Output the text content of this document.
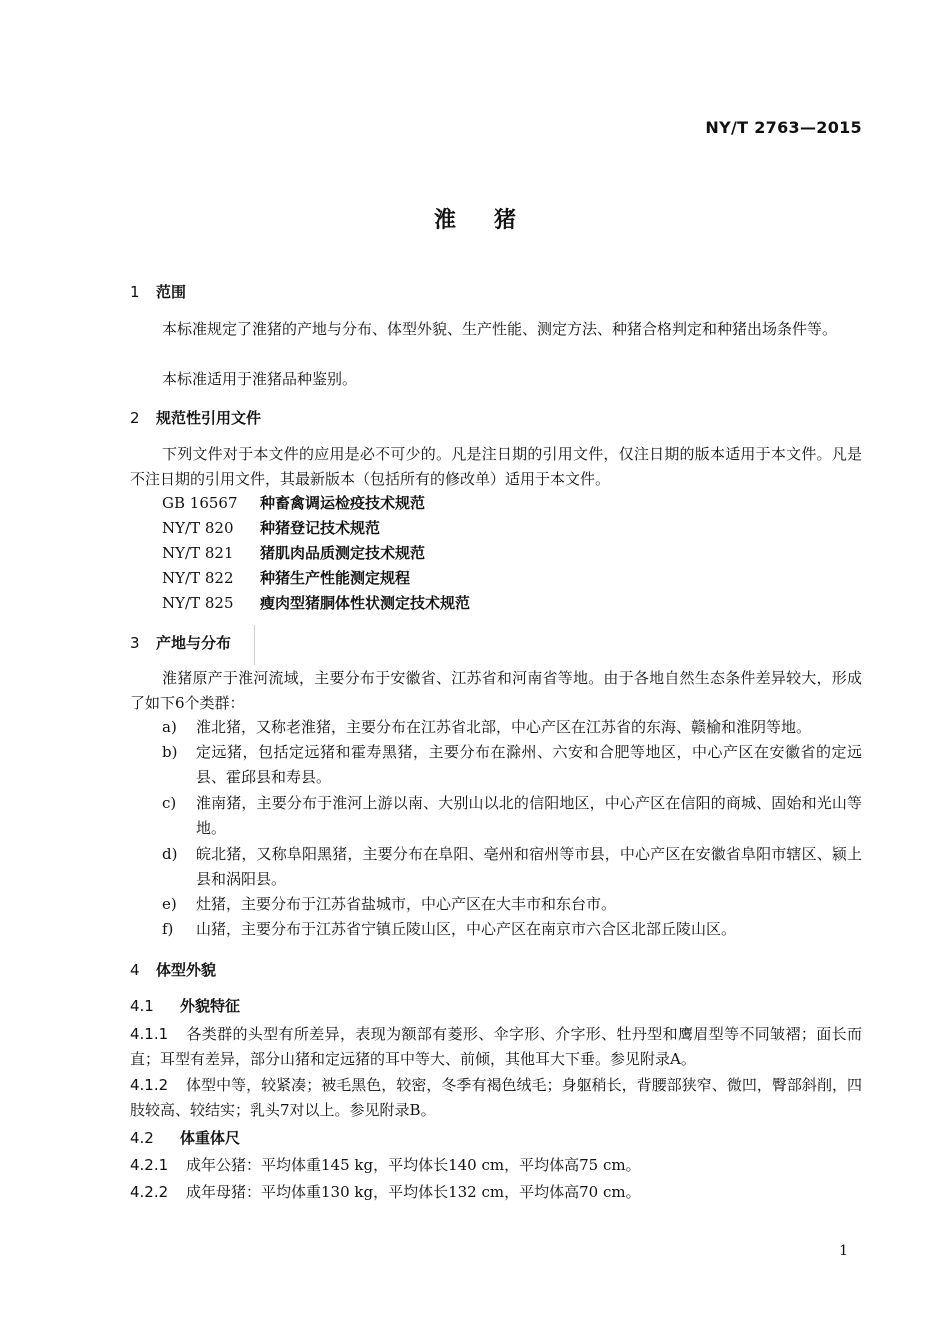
NY/T 2763—2015
淮猪
1 范围
本标准规定了淮猪的产地与分布、体型外貌、生产性能、测定方法、种猪合格判定和种猪出场条件等。
本标准适用于淮猪品种鉴别。
2 规范性引用文件
下列文件对于本文件的应用是必不可少的。凡是注日期的引用文件，仅注日期的版本适用于本文件。凡是不注日期的引用文件，其最新版本（包括所有的修改单）适用于本文件。
GB 16567 种畜禽调运检疫技术规范
NY/T 820 种猪登记技术规范
NY/T 821 猪肌肉品质测定技术规范
NY/T 822 种猪生产性能测定规程
NY/T 825 瘦肉型猪胴体性状测定技术规范
3 产地与分布
淮猪原产于淮河流域，主要分布于安徽省、江苏省和河南省等地。由于各地自然生态条件差异较大，形成了如下6个类群：
a)	淮北猪，又称老淮猪，主要分布在江苏省北部，中心产区在江苏省的东海、赣榆和淮阴等地。
b)	定远猪，包括定远猪和霍寿黑猪，主要分布在滁州、六安和合肥等地区，中心产区在安徽省的定远县、霍邱县和寿县。
c)	淮南猪，主要分布于淮河上游以南、大别山以北的信阳地区，中心产区在信阳的商城、固始和光山等地。
d)	皖北猪，又称阜阳黑猪，主要分布在阜阳、亳州和宿州等市县，中心产区在安徽省阜阳市辖区、颍上县和涡阳县。
e)	灶猪，主要分布于江苏省盐城市，中心产区在大丰市和东台市。
f)	山猪，主要分布于江苏省宁镇丘陵山区，中心产区在南京市六合区北部丘陵山区。
4 体型外貌
4.1 外貌特征
4.1.1 各类群的头型有所差异，表现为额部有菱形、伞字形、介字形、牡丹型和鹰眉型等不同皱褶；面长而直；耳型有差异，部分山猪和定远猪的耳中等大、前倾，其他耳大下垂。参见附录A。
4.1.2 体型中等，较紧凑；被毛黑色，较密，冬季有褐色绒毛；身躯稍长，背腰部狭窄、微凹，臀部斜削，四肢较高、较结实；乳头7对以上。参见附录B。
4.2 体重体尺
4.2.1 成年公猪：平均体重145 kg，平均体长140 cm，平均体高75 cm。
4.2.2 成年母猪：平均体重130 kg，平均体长132 cm，平均体高70 cm。
1
